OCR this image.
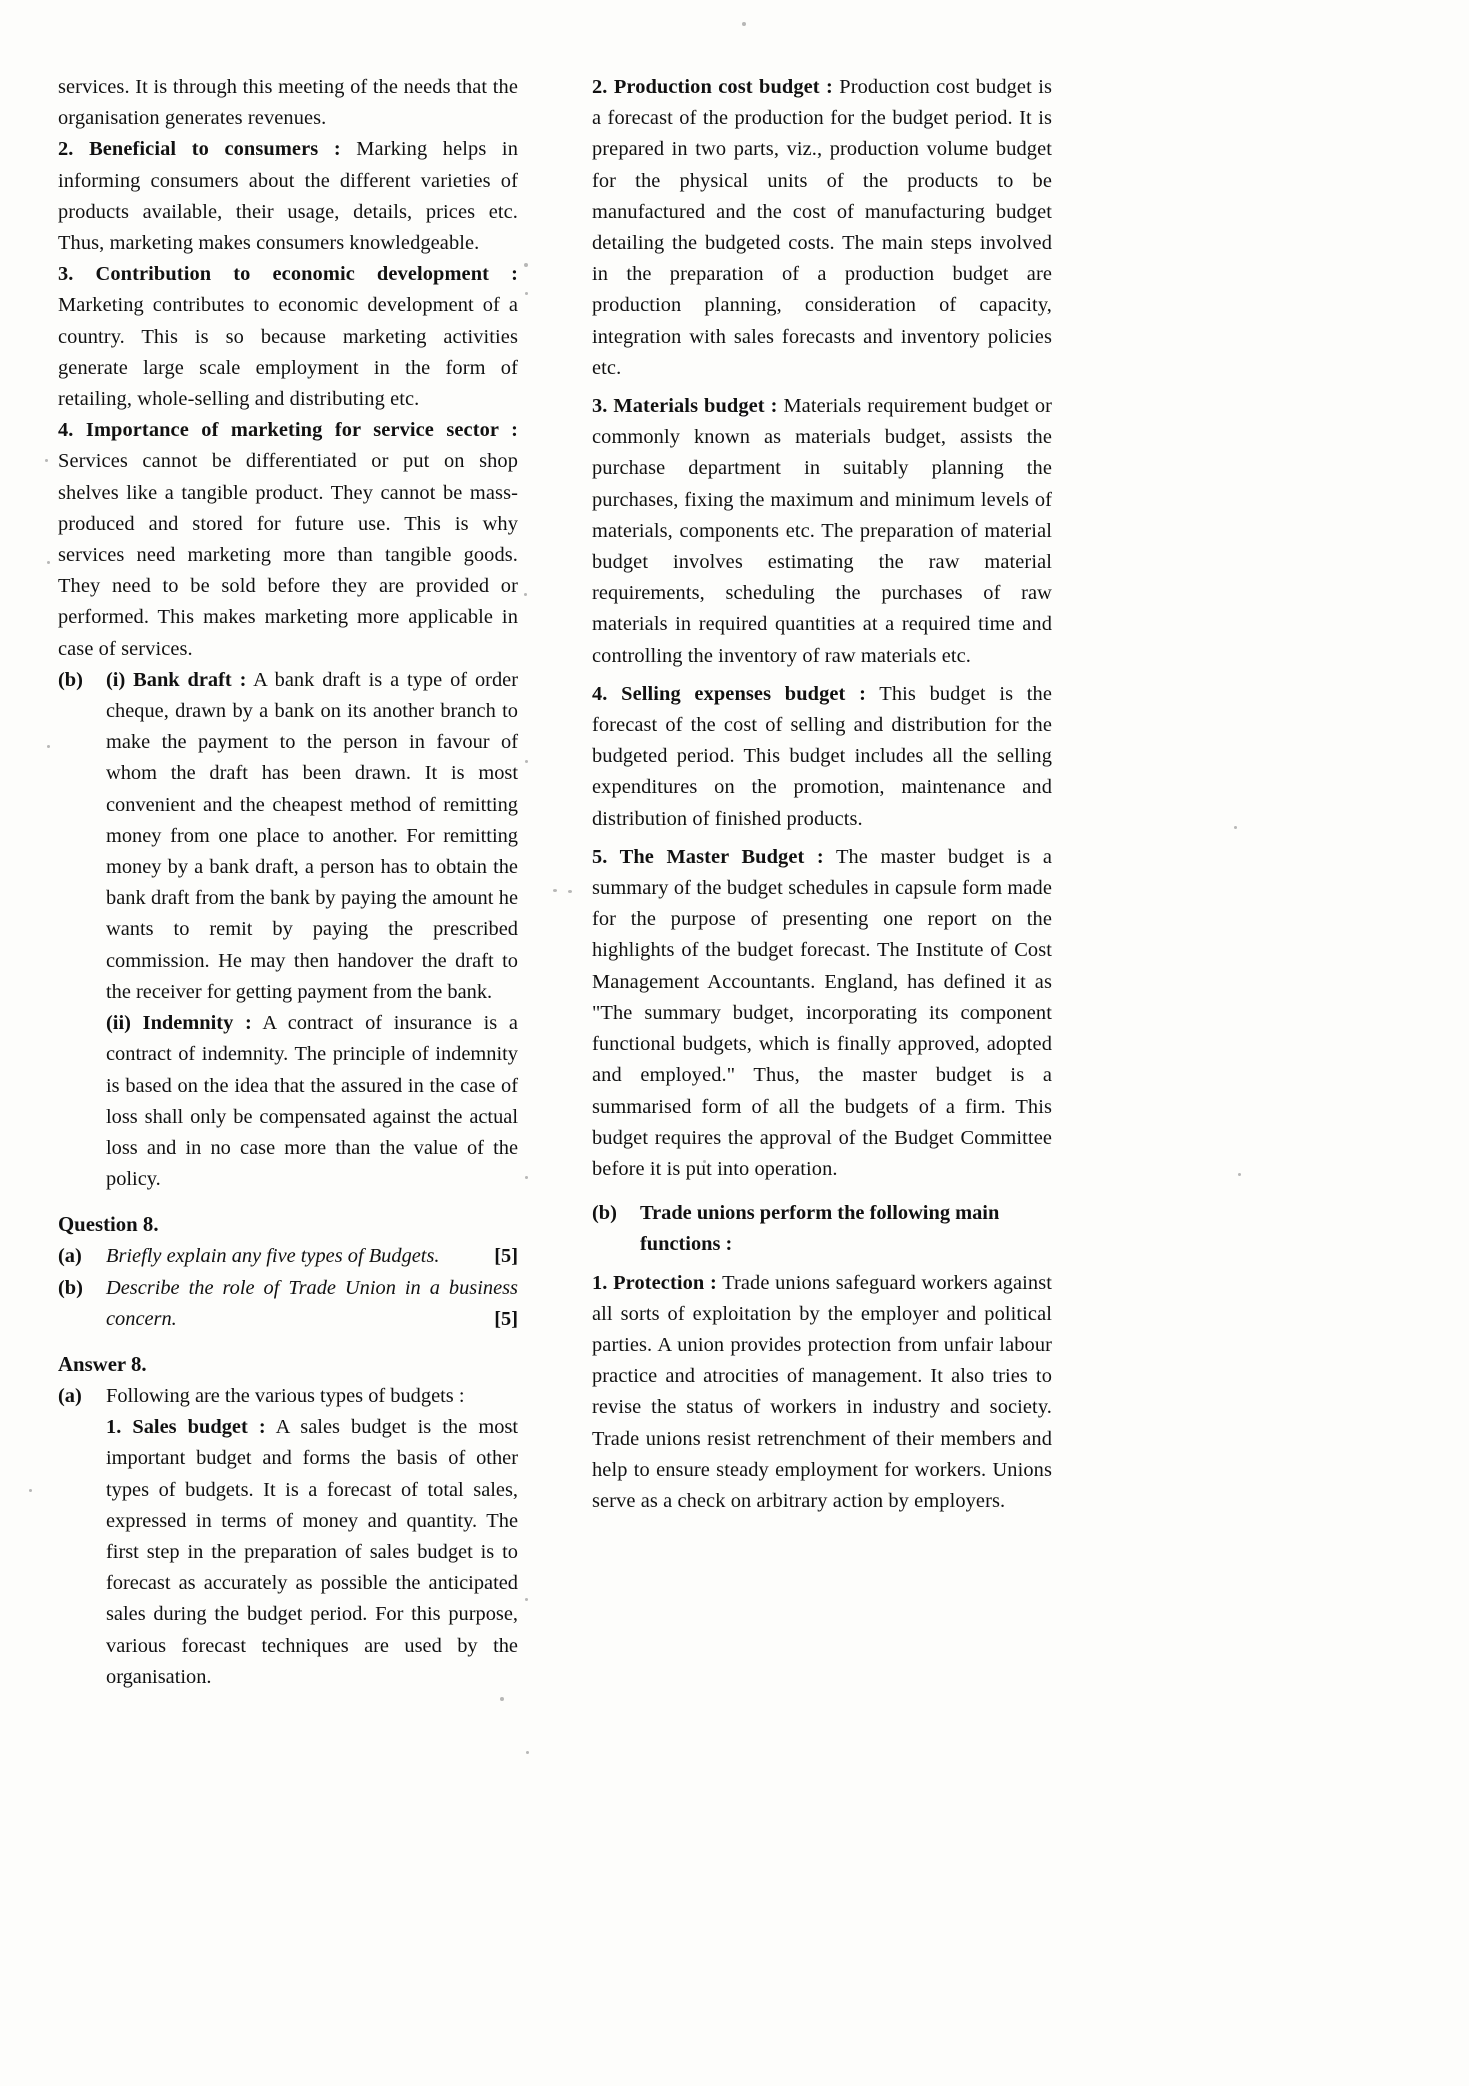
services. It is through this meeting of the needs that the organisation generates revenues.

2. Beneficial to consumers : Marking helps in informing consumers about the different varieties of products available, their usage, details, prices etc. Thus, marketing makes consumers knowledgeable.

3. Contribution to economic development : Marketing contributes to economic development of a country. This is so because marketing activities generate large scale employment in the form of retailing, whole-selling and distributing etc.

4. Importance of marketing for service sector : Services cannot be differentiated or put on shop shelves like a tangible product. They cannot be mass-produced and stored for future use. This is why services need marketing more than tangible goods. They need to be sold before they are provided or performed. This makes marketing more applicable in case of services.

(b)	(i) Bank draft : A bank draft is a type of order cheque, drawn by a bank on its another branch to make the payment to the person in favour of whom the draft has been drawn. It is most convenient and the cheapest method of remitting money from one place to another. For remitting money by a bank draft, a person has to obtain the bank draft from the bank by paying the amount he wants to remit by paying the prescribed commission. He may then handover the draft to the receiver for getting payment from the bank.
(ii) Indemnity : A contract of insurance is a contract of indemnity. The principle of indemnity is based on the idea that the assured in the case of loss shall only be compensated against the actual loss and in no case more than the value of the policy.
Question 8.
(a)	Briefly explain any five types of Budgets.	[5]
(b)	Describe the role of Trade Union in a business concern.	[5]
Answer 8.
(a)	Following are the various types of budgets :
1. Sales budget : A sales budget is the most important budget and forms the basis of other types of budgets. It is a forecast of total sales, expressed in terms of money and quantity. The first step in the preparation of sales budget is to forecast as accurately as possible the anticipated sales during the budget period. For this purpose, various forecast techniques are used by the organisation.

2. Production cost budget : Production cost budget is a forecast of the production for the budget period. It is prepared in two parts, viz., production volume budget for the physical units of the products to be manufactured and the cost of manufacturing budget detailing the budgeted costs. The main steps involved in the preparation of a production budget are production planning, consideration of capacity, integration with sales forecasts and inventory policies etc.

3. Materials budget : Materials requirement budget or commonly known as materials budget, assists the purchase department in suitably planning the purchases, fixing the maximum and minimum levels of materials, components etc. The preparation of material budget involves estimating the raw material requirements, scheduling the purchases of raw materials in required quantities at a required time and controlling the inventory of raw materials etc.

4. Selling expenses budget : This budget is the forecast of the cost of selling and distribution for the budgeted period. This budget includes all the selling expenditures on the promotion, maintenance and distribution of finished products.

5. The Master Budget : The master budget is a summary of the budget schedules in capsule form made for the purpose of presenting one report on the highlights of the budget forecast. The Institute of Cost Management Accountants. England, has defined it as "The summary budget, incorporating its component functional budgets, which is finally approved, adopted and employed." Thus, the master budget is a summarised form of all the budgets of a firm. This budget requires the approval of the Budget Committee before it is put into operation.

(b)	Trade unions perform the following main
functions :

1. Protection : Trade unions safeguard workers against all sorts of exploitation by the employer and political parties. A union provides protection from unfair labour practice and atrocities of management. It also tries to revise the status of workers in industry and society. Trade unions resist retrenchment of their members and help to ensure steady employment for workers. Unions serve as a check on arbitrary action by employers.
